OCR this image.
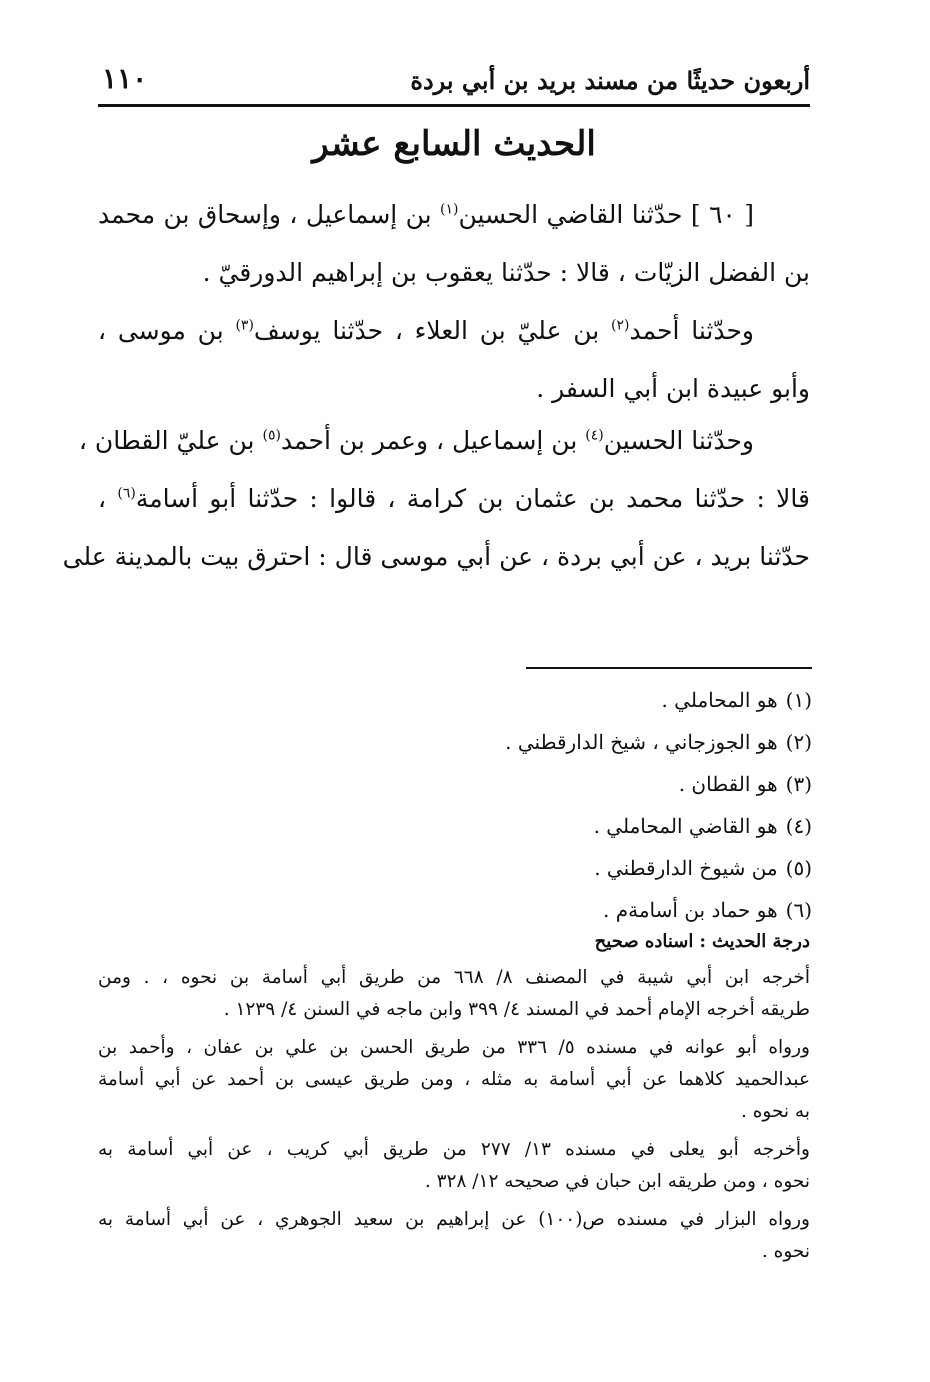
أربعون حديثًا من مسند بريد بن أبي بردة
١١٠
الحديث السابع عشر
[ ٦٠ ] حدّثنا القاضي الحسين$^{(١)}$ بن إسماعيل ، وإسحاق بن محمد
بن الفضل الزيّات ، قالا : حدّثنا يعقوب بن إبراهيم الدورقيّ .
وحدّثنا أحمد$^{(٢)}$ بن عليّ بن العلاء ، حدّثنا يوسف$^{(٣)}$ بن موسى ،
وأبو عبيدة ابن أبي السفر .
وحدّثنا الحسين$^{(٤)}$ بن إسماعيل ، وعمر بن أحمد$^{(٥)}$ بن عليّ القطان ،
قالا : حدّثنا محمد بن عثمان بن كرامة ، قالوا : حدّثنا أبو أسامة$^{(٦)}$ ،
حدّثنا بريد ، عن أبي بردة ، عن أبي موسى قال : احترق بيت بالمدينة على
(١)هو المحاملي .
(٢)هو الجوزجاني ، شيخ الدارقطني .
(٣)هو القطان .
(٤)هو القاضي المحاملي .
(٥)من شيوخ الدارقطني .
(٦)هو حماد بن أسامةم .
درجة الحديث:اسناده صحيح
أخرجه ابن أبي شيبة في المصنف ٨/ ٦٦٨ من طريق أبي أسامة بن نحوه ، . ومن
طريقه أخرجه الإمام أحمد في المسند ٤/ ٣٩٩ وابن ماجه في السنن ٤/ ١٢٣٩ .
ورواه أبو عوانه في مسنده ٥/ ٣٣٦ من طريق الحسن بن علي بن عفان ، وأحمد بن
عبدالحميد كلاهما عن أبي أسامة به مثله ، ومن طريق عيسى بن أحمد عن أبي أسامة
به نحوه .
وأخرجه أبو يعلى في مسنده ١٣/ ٢٧٧ من طريق أبي كريب ، عن أبي أسامة به
نحوه ، ومن طريقه ابن حبان في صحيحه ١٢/ ٣٢٨ .
ورواه البزار في مسنده ص(١٠٠) عن إبراهيم بن سعيد الجوهري ، عن أبي أسامة به
نحوه .
